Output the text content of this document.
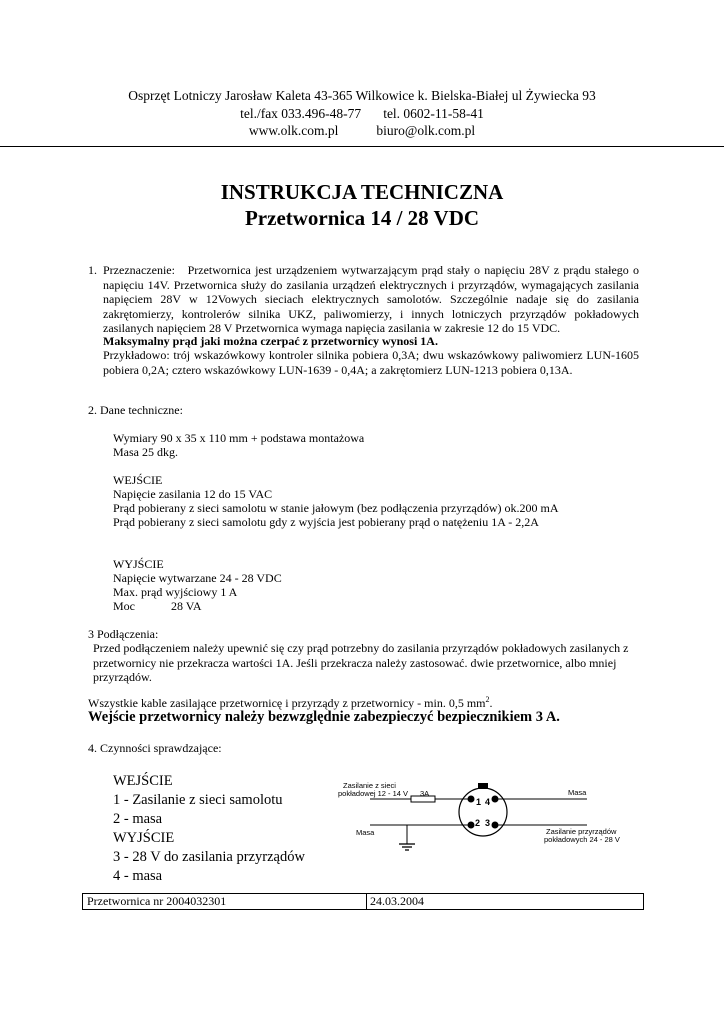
Osprzęt Lotniczy Jarosław Kaleta 43-365 Wilkowice k. Bielska-Białej ul Żywiecka 93
tel./fax 033.496-48-77 tel. 0602-11-58-41
www.olk.com.pl	biuro@olk.com.pl
INSTRUKCJA TECHNICZNA
Przetwornica 14 / 28 VDC
1. Przeznaczenie: Przetwornica jest urządzeniem wytwarzającym prąd stały o napięciu 28V z prądu stałego o napięciu 14V. Przetwornica służy do zasilania urządzeń elektrycznych i przyrządów, wymagających zasilania napięciem 28V w 12Vowych sieciach elektrycznych samolotów. Szczególnie nadaje się do zasilania zakrętomierzy, kontrolerów silnika UKZ, paliwomierzy, i innych lotniczych przyrządów pokładowych zasilanych napięciem 28 V Przetwornica wymaga napięcia zasilania w zakresie 12 do 15 VDC.
Maksymalny prąd jaki można czerpać z przetwornicy wynosi 1A.
Przykładowo: trój wskazówkowy kontroler silnika pobiera 0,3A; dwu wskazówkowy paliwomierz LUN-1605 pobiera 0,2A; cztero wskazówkowy LUN-1639 - 0,4A; a zakrętomierz LUN-1213 pobiera 0,13A.
2. Dane techniczne:
Wymiary 90 x 35 x 110 mm + podstawa montażowa
Masa 25 dkg.
WEJŚCIE
Napięcie zasilania 12 do 15 VAC
Prąd pobierany z sieci samolotu w stanie jałowym (bez podłączenia przyrządów) ok.200 mA
Prąd pobierany z sieci samolotu gdy z wyjścia jest pobierany prąd o natężeniu 1A - 2,2A
WYJŚCIE
Napięcie wytwarzane 24 - 28 VDC
Max. prąd wyjściowy 1 A
Moc	28 VA
3 Podłączenia:
Przed podłączeniem należy upewnić się czy prąd potrzebny do zasilania przyrządów pokładowych zasilanych z przetwornicy nie przekracza wartości 1A. Jeśli przekracza należy zastosować. dwie przetwornice, albo mniej przyrządów.
Wszystkie kable zasilające przetwornicę i przyrządy z przetwornicy - min. 0,5 $mm^2$.
Wejście przetwornicy należy bezwzględnie zabezpieczyć bezpiecznikiem 3 A.
4. Czynności sprawdzające:
WEJŚCIE
1 - Zasilanie z sieci samolotu
2 - masa
WYJŚCIE
3 - 28 V do zasilania przyrządów
4 - masa
Zasilanie z sieci
pokładowej 12 - 14 V 3A
Masa
Masa
Zasilanie przyrządów
pokładowych 24 - 28 V
1 4
2 3
Przetwornica nr 2004032301	24.03.2004
